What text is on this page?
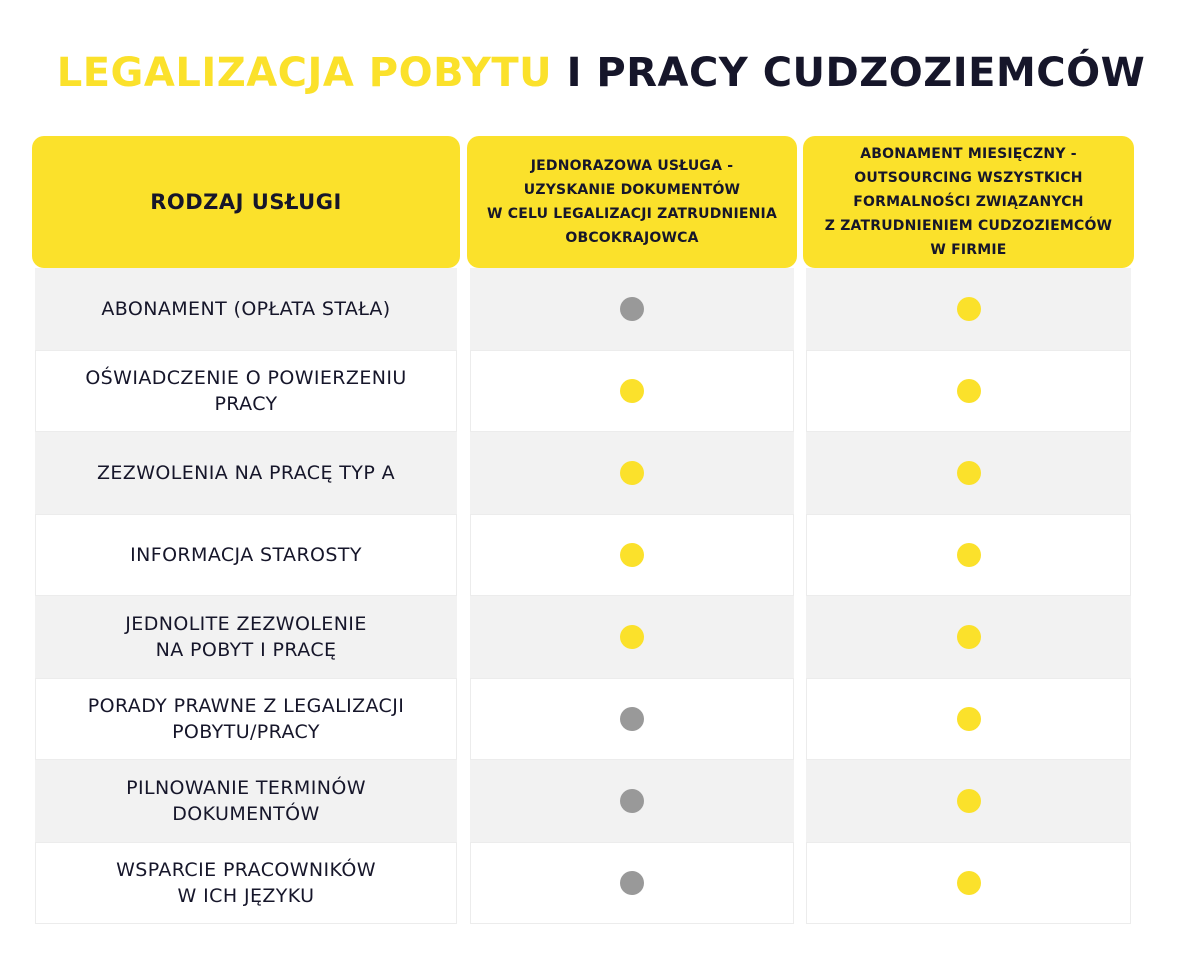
LEGALIZACJA POBYTU I PRACY CUDZOZIEMCÓW
RODZAJ USŁUGI
JEDNORAZOWA USŁUGA -
UZYSKANIE DOKUMENTÓW
W CELU LEGALIZACJI ZATRUDNIENIA
OBCOKRAJOWCA
ABONAMENT MIESIĘCZNY -
OUTSOURCING WSZYSTKICH
FORMALNOŚCI ZWIĄZANYCH
Z ZATRUDNIENIEM CUDZOZIEMCÓW
W FIRMIE
ABONAMENT (OPŁATA STAŁA)
OŚWIADCZENIE O POWIERZENIU
PRACY
ZEZWOLENIA NA PRACĘ TYP A
INFORMACJA STAROSTY
JEDNOLITE ZEZWOLENIE
NA POBYT I PRACĘ
PORADY PRAWNE Z LEGALIZACJI
POBYTU/PRACY
PILNOWANIE TERMINÓW
DOKUMENTÓW
WSPARCIE PRACOWNIKÓW
W ICH JĘZYKU
